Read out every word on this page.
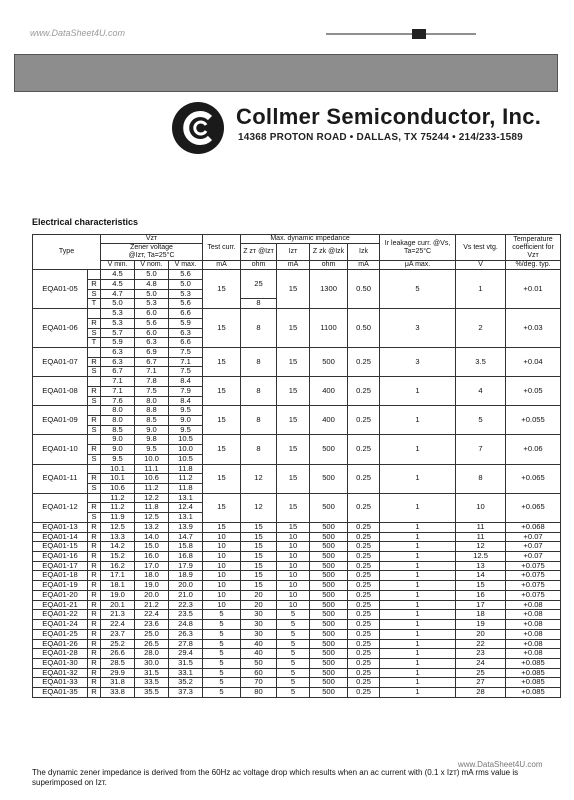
www.DataSheet4U.com
Collmer Semiconductor, Inc.
14368 PROTON ROAD • DALLAS, TX 75244 • 214/233-1589
Electrical characteristics
Type		Vzт			Test curr.	Max. dynamic impedance				Ir leakage curr. @Vs, Ta=25°C	Vs test vtg.	Temperature coefficient for Vzт
		Zener voltage
@Izт, Ta=25°C				Z zт @Izт	Izт	Z zk @Izk	Izk			
		V min.	V nom.	V max.	mA	ohm	mA	ohm	mA	μA max.	V	%/deg. typ.
EQA01-05		4.5	5.0	5.6	15	25	15	1300	0.50	5	1	+0.01
	R	4.5	4.8	5.0								
	S	4.7	5.0	5.3								
	T	5.0	5.3	5.6		8						
EQA01-06		5.3	6.0	6.6	15	8	15	1100	0.50	3	2	+0.03
	R	5.3	5.6	5.9								
	S	5.7	6.0	6.3								
	T	5.9	6.3	6.6								
EQA01-07		6.3	6.9	7.5	15	8	15	500	0.25	3	3.5	+0.04
	R	6.3	6.7	7.1								
	S	6.7	7.1	7.5								
EQA01-08		7.1	7.8	8.4	15	8	15	400	0.25	1	4	+0.05
	R	7.1	7.5	7.9								
	S	7.6	8.0	8.4								
EQA01-09		8.0	8.8	9.5	15	8	15	400	0.25	1	5	+0.055
	R	8.0	8.5	9.0								
	S	8.5	9.0	9.5								
EQA01-10		9.0	9.8	10.5	15	8	15	500	0.25	1	7	+0.06
	R	9.0	9.5	10.0								
	S	9.5	10.0	10.5								
EQA01-11		10.1	11.1	11.8	15	12	15	500	0.25	1	8	+0.065
	R	10.1	10.6	11.2								
	S	10.6	11.2	11.8								
EQA01-12		11.2	12.2	13.1	15	12	15	500	0.25	1	10	+0.065
	R	11.2	11.8	12.4								
	S	11.9	12.5	13.1								
EQA01-13	R	12.5	13.2	13.9	15	15	15	500	0.25	1	11	+0.068
EQA01-14	R	13.3	14.0	14.7	10	15	10	500	0.25	1	11	+0.07
EQA01-15	R	14.2	15.0	15.8	10	15	10	500	0.25	1	12	+0.07
EQA01-16	R	15.2	16.0	16.8	10	15	10	500	0.25	1	12.5	+0.07
EQA01-17	R	16.2	17.0	17.9	10	15	10	500	0.25	1	13	+0.075
EQA01-18	R	17.1	18.0	18.9	10	15	10	500	0.25	1	14	+0.075
EQA01-19	R	18.1	19.0	20.0	10	15	10	500	0.25	1	15	+0.075
EQA01-20	R	19.0	20.0	21.0	10	20	10	500	0.25	1	16	+0.075
EQA01-21	R	20.1	21.2	22.3	10	20	10	500	0.25	1	17	+0.08
EQA01-22	R	21.3	22.4	23.5	5	30	5	500	0.25	1	18	+0.08
EQA01-24	R	22.4	23.6	24.8	5	30	5	500	0.25	1	19	+0.08
EQA01-25	R	23.7	25.0	26.3	5	30	5	500	0.25	1	20	+0.08
EQA01-26	R	25.2	26.5	27.8	5	40	5	500	0.25	1	22	+0.08
EQA01-28	R	26.6	28.0	29.4	5	40	5	500	0.25	1	23	+0.08
EQA01-30	R	28.5	30.0	31.5	5	50	5	500	0.25	1	24	+0.085
EQA01-32	R	29.9	31.5	33.1	5	60	5	500	0.25	1	25	+0.085
EQA01-33	R	31.8	33.5	35.2	5	70	5	500	0.25	1	27	+0.085
EQA01-35	R	33.8	35.5	37.3	5	80	5	500	0.25	1	28	+0.085
The dynamic zener impedance is derived from the 60Hz ac voltage drop which results when an ac current with (0.1 x Izт) mA rms value is superimposed on Izт.
www.DataSheet4U.com
